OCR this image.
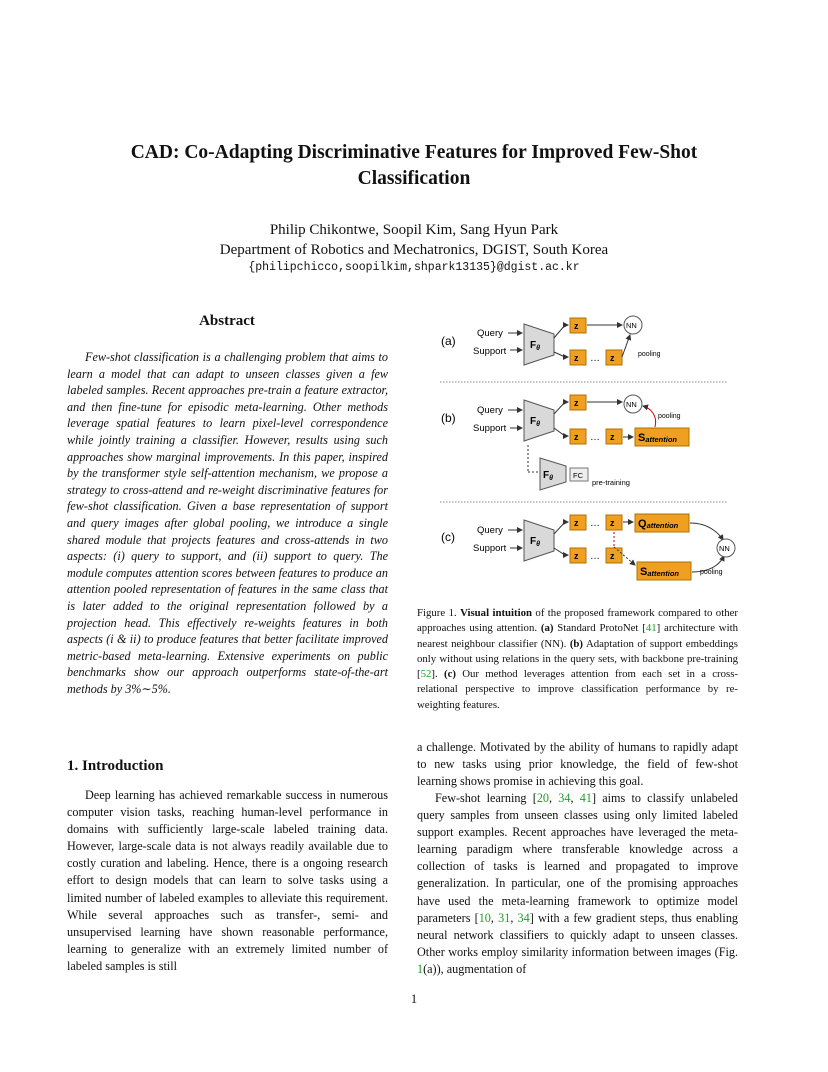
CAD: Co-Adapting Discriminative Features for Improved Few-Shot
Classification
Philip Chikontwe, Soopil Kim, Sang Hyun Park
Department of Robotics and Mechatronics, DGIST, South Korea
{philipchicco,soopilkim,shpark13135}@dgist.ac.kr
Abstract
Few-shot classification is a challenging problem that aims to learn a model that can adapt to unseen classes given a few labeled samples. Recent approaches pre-train a feature extractor, and then fine-tune for episodic meta-learning. Other methods leverage spatial features to learn pixel-level correspondence while jointly training a classifier. However, results using such approaches show marginal improvements. In this paper, inspired by the transformer style self-attention mechanism, we propose a strategy to cross-attend and re-weight discriminative features for few-shot classification. Given a base representation of support and query images after global pooling, we introduce a single shared module that projects features and cross-attends in two aspects: (i) query to support, and (ii) support to query. The module computes attention scores between features to produce an attention pooled representation of features in the same class that is later added to the original representation followed by a projection head. This effectively re-weights features in both aspects (i & ii) to produce features that better facilitate improved metric-based meta-learning. Extensive experiments on public benchmarks show our approach outperforms state-of-the-art methods by 3%∼5%.
(a)
Query
Support
$F_\theta$
z
z … z
NN
pooling
(b)
Query
Support
$F_\theta$
z
z … z Sattention
NN
pooling
$F_\theta$	FC
pre-training
(c) Query
Support
$F_\theta$
z … z
z … z
Qattention
Sattention
NN
pooling
Figure 1. Visual intuition of the proposed framework compared to other approaches using attention. (a) Standard ProtoNet [41] architecture with nearest neighbour classifier (NN). (b) Adaptation of support embeddings only without using relations in the query sets, with backbone pre-training [52]. (c) Our method leverages attention from each set in a cross-relational perspective to improve classification performance by re-weighting features.
1. Introduction
Deep learning has achieved remarkable success in numerous computer vision tasks, reaching human-level performance in domains with sufficiently large-scale labeled training data. However, large-scale data is not always readily available due to costly curation and labeling. Hence, there is a ongoing research effort to design models that can learn to solve tasks using a limited number of labeled examples to alleviate this requirement. While several approaches such as transfer-, semi- and unsupervised learning have shown reasonable performance, learning to generalize with an extremely limited number of labeled samples is still
a challenge. Motivated by the ability of humans to rapidly adapt to new tasks using prior knowledge, the field of few-shot learning shows promise in achieving this goal.
Few-shot learning [20, 34, 41] aims to classify unlabeled query samples from unseen classes using only limited labeled support examples. Recent approaches have leveraged the meta-learning paradigm where transferable knowledge across a collection of tasks is learned and propagated to improve generalization. In particular, one of the promising approaches have used the meta-learning framework to optimize model parameters [10, 31, 34] with a few gradient steps, thus enabling neural network classifiers to quickly adapt to unseen classes. Other works employ similarity information between images (Fig. 1(a)), augmentation of
1
